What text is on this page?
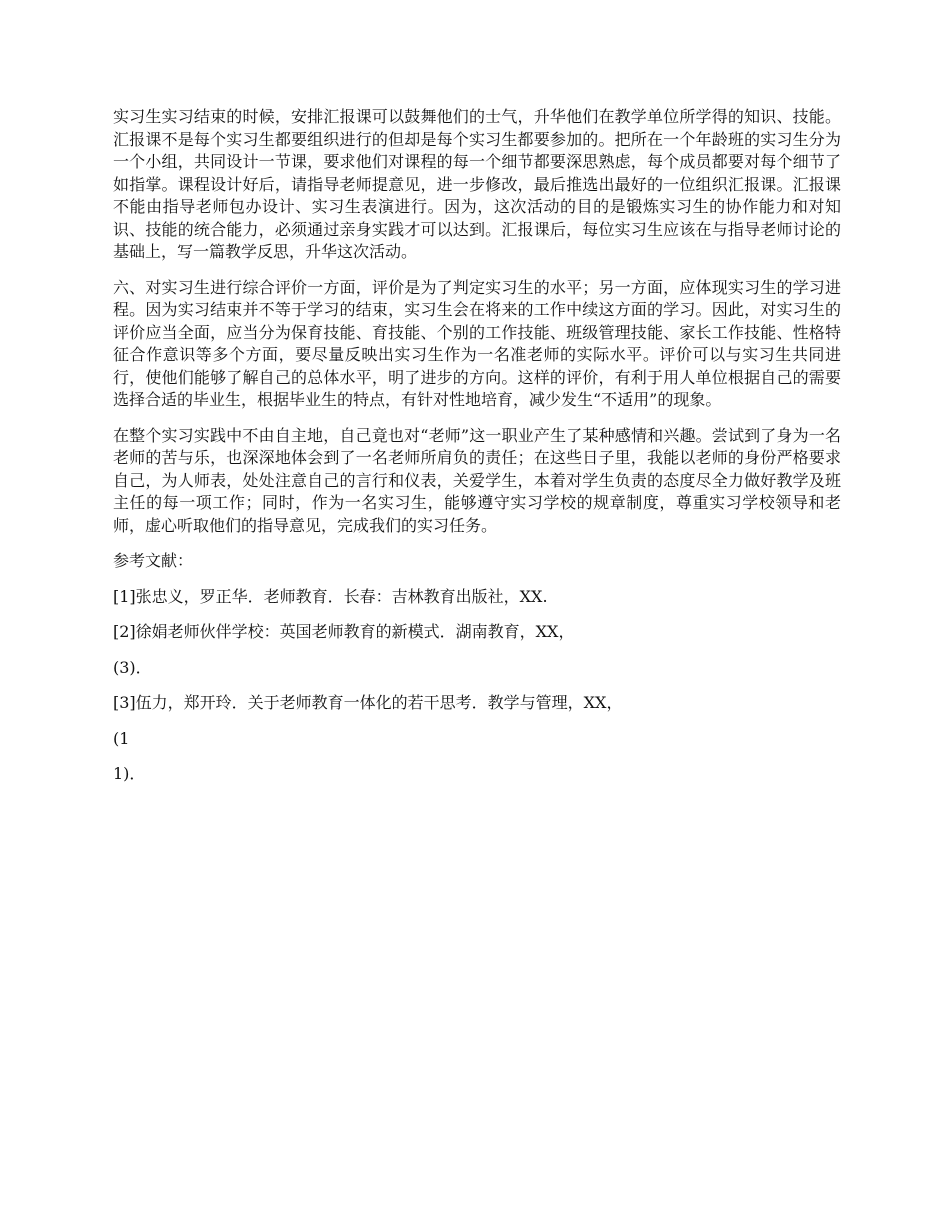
实习生实习结束的时候，安排汇报课可以鼓舞他们的士气，升华他们在教学单位所学得的知识、技能。汇报课不是每个实习生都要组织进行的但却是每个实习生都要参加的。把所在一个年龄班的实习生分为一个小组，共同设计一节课，要求他们对课程的每一个细节都要深思熟虑，每个成员都要对每个细节了如指掌。课程设计好后，请指导老师提意见，进一步修改，最后推选出最好的一位组织汇报课。汇报课不能由指导老师包办设计、实习生表演进行。因为，这次活动的目的是锻炼实习生的协作能力和对知识、技能的统合能力，必须通过亲身实践才可以达到。汇报课后，每位实习生应该在与指导老师讨论的基础上，写一篇教学反思，升华这次活动。

六、对实习生进行综合评价一方面，评价是为了判定实习生的水平；另一方面，应体现实习生的学习进程。因为实习结束并不等于学习的结束，实习生会在将来的工作中续这方面的学习。因此，对实习生的评价应当全面，应当分为保育技能、育技能、个别的工作技能、班级管理技能、家长工作技能、性格特征合作意识等多个方面，要尽量反映出实习生作为一名准老师的实际水平。评价可以与实习生共同进行，使他们能够了解自己的总体水平，明了进步的方向。这样的评价，有利于用人单位根据自己的需要选择合适的毕业生，根据毕业生的特点，有针对性地培育，减少发生“不适用”的现象。

在整个实习实践中不由自主地，自己竟也对“老师”这一职业产生了某种感情和兴趣。尝试到了身为一名老师的苦与乐，也深深地体会到了一名老师所肩负的责任；在这些日子里，我能以老师的身份严格要求自己，为人师表，处处注意自己的言行和仪表，关爱学生，本着对学生负责的态度尽全力做好教学及班主任的每一项工作；同时，作为一名实习生，能够遵守实习学校的规章制度，尊重实习学校领导和老师，虚心听取他们的指导意见，完成我们的实习任务。

参考文献：

[1]张忠义，罗正华．老师教育．长春：吉林教育出版社，XX.

[2]徐娟老师伙伴学校：英国老师教育的新模式．湖南教育，XX，

(3)．

[3]伍力，郑开玲．关于老师教育一体化的若干思考．教学与管理，XX，

(1

1)．
